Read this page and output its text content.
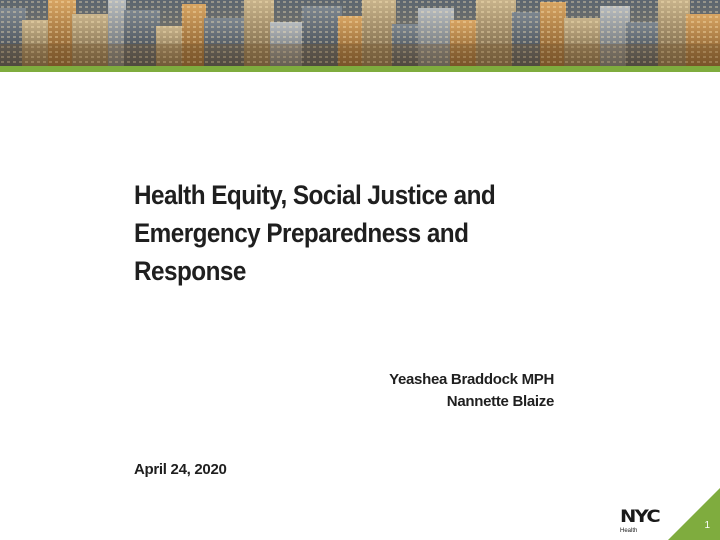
Health Equity, Social Justice and
Emergency Preparedness and
Response
Yeashea Braddock MPH
Nannette Blaize
April 24, 2020
NYC
Health	1
